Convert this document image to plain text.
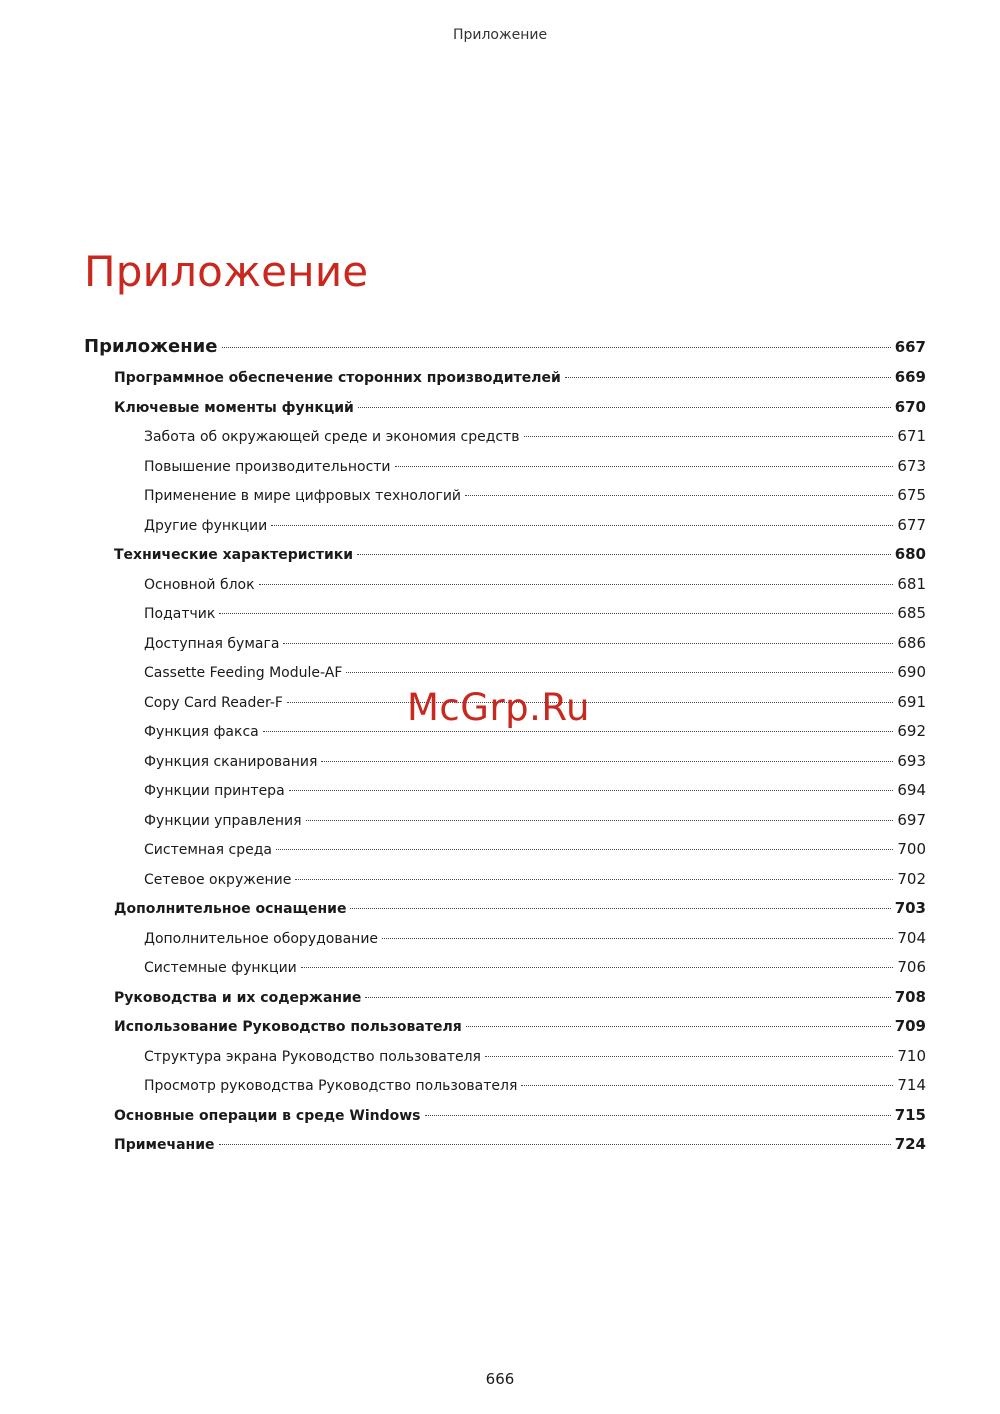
Приложение
Приложение
Приложение	667
Программное обеспечение сторонних производителей	669
Ключевые моменты функций	670
Забота об окружающей среде и экономия средств	671
Повышение производительности	673
Применение в мире цифровых технологий	675
Другие функции	677
Технические характеристики	680
Основной блок	681
Податчик	685
Доступная бумага	686
Cassette Feeding Module-AF	690
Copy Card Reader-F	691
Функция факса	692
Функция сканирования	693
Функции принтера	694
Функции управления	697
Системная среда	700
Сетевое окружение	702
Дополнительное оснащение	703
Дополнительное оборудование	704
Системные функции	706
Руководства и их содержание	708
Использование Руководство пользователя	709
Структура экрана Руководство пользователя	710
Просмотр руководства Руководство пользователя	714
Основные операции в среде Windows	715
Примечание	724
McGrp.Ru
666
